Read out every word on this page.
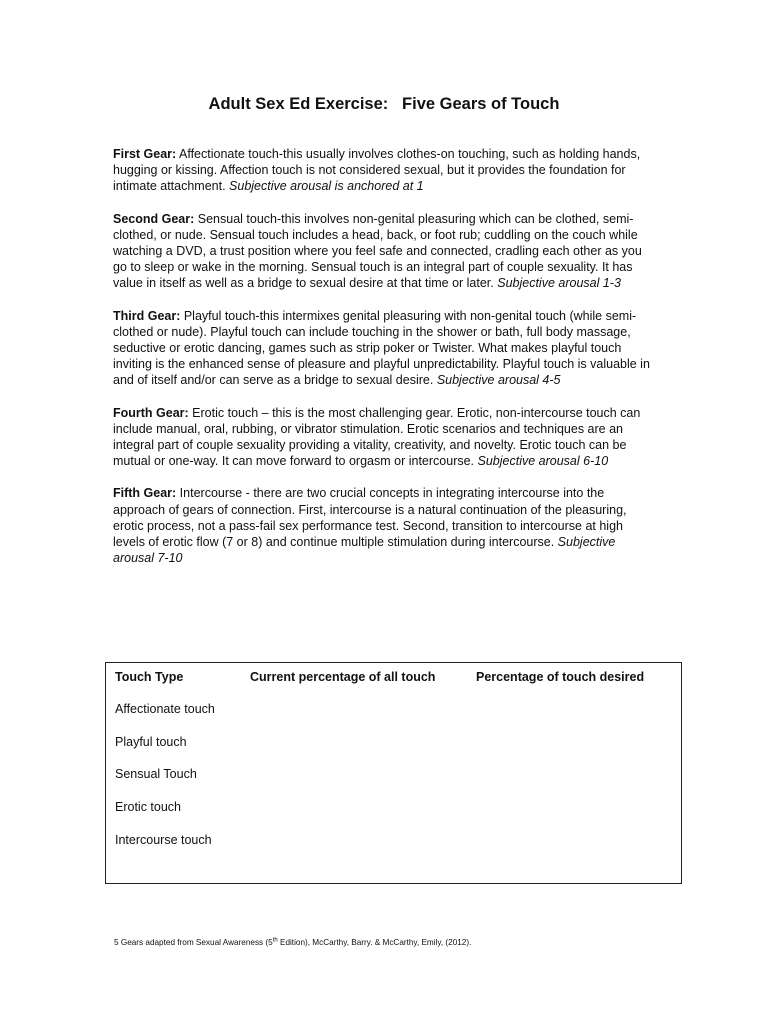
Adult Sex Ed Exercise:   Five Gears of Touch

First Gear: Affectionate touch-this usually involves clothes-on touching, such as holding hands, hugging or kissing. Affection touch is not considered sexual, but it provides the foundation for intimate attachment. Subjective arousal is anchored at 1

Second Gear: Sensual touch-this involves non-genital pleasuring which can be clothed, semi-clothed, or nude. Sensual touch includes a head, back, or foot rub; cuddling on the couch while watching a DVD, a trust position where you feel safe and connected, cradling each other as you go to sleep or wake in the morning. Sensual touch is an integral part of couple sexuality. It has value in itself as well as a bridge to sexual desire at that time or later. Subjective arousal 1-3

Third Gear: Playful touch-this intermixes genital pleasuring with non-genital touch (while semi-clothed or nude). Playful touch can include touching in the shower or bath, full body massage, seductive or erotic dancing, games such as strip poker or Twister. What makes playful touch inviting is the enhanced sense of pleasure and playful unpredictability. Playful touch is valuable in and of itself and/or can serve as a bridge to sexual desire. Subjective arousal 4-5

Fourth Gear: Erotic touch – this is the most challenging gear. Erotic, non-intercourse touch can include manual, oral, rubbing, or vibrator stimulation. Erotic scenarios and techniques are an integral part of couple sexuality providing a vitality, creativity, and novelty. Erotic touch can be mutual or one-way. It can move forward to orgasm or intercourse. Subjective arousal 6-10

Fifth Gear: Intercourse - there are two crucial concepts in integrating intercourse into the approach of gears of connection. First, intercourse is a natural continuation of the pleasuring, erotic process, not a pass-fail sex performance test. Second, transition to intercourse at high levels of erotic flow (7 or 8) and continue multiple stimulation during intercourse. Subjective arousal 7-10

Touch Type	Current percentage of all touch	Percentage of touch desired
Affectionate touch
Playful touch
Sensual Touch
Erotic touch
Intercourse touch
5 Gears adapted from Sexual Awareness (5th Edition), McCarthy, Barry. & McCarthy, Emily, (2012).
